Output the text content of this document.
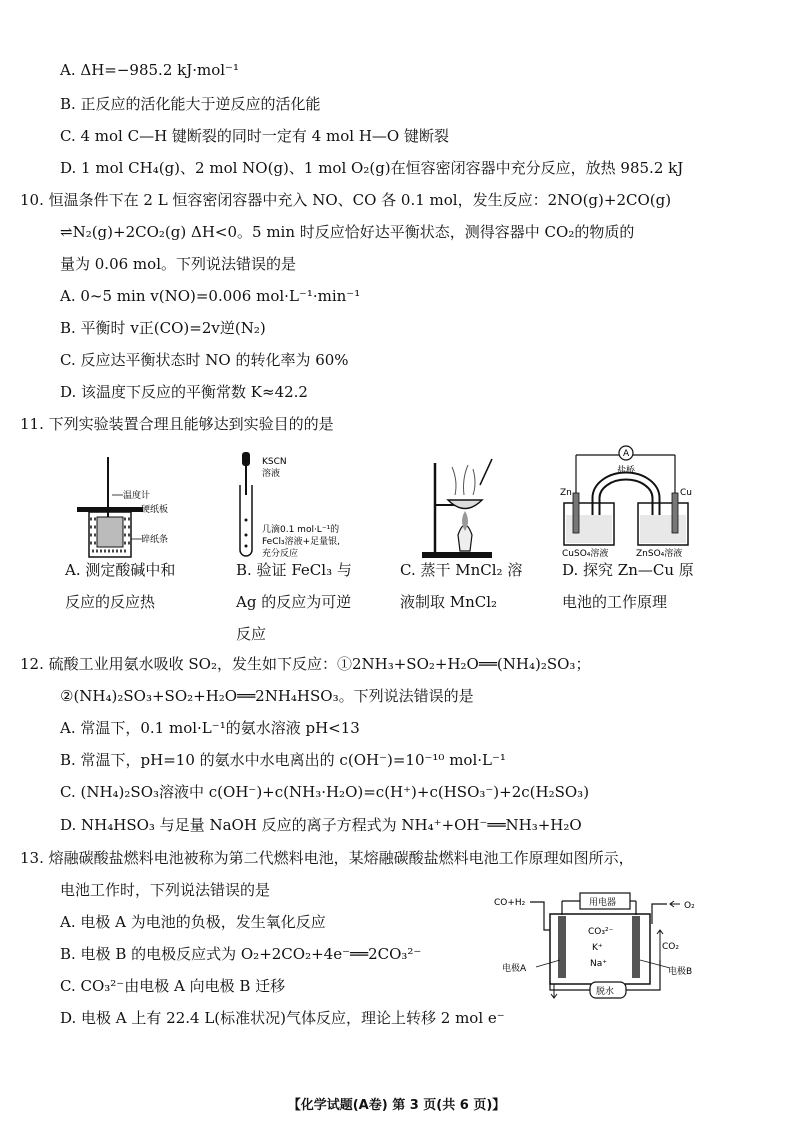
A. ΔH=−985.2 kJ·mol⁻¹
B. 正反应的活化能大于逆反应的活化能
C. 4 mol C—H 键断裂的同时一定有 4 mol H—O 键断裂
D. 1 mol CH₄(g)、2 mol NO(g)、1 mol O₂(g)在恒容密闭容器中充分反应，放热 985.2 kJ
10. 恒温条件下在 2 L 恒容密闭容器中充入 NO、CO 各 0.1 mol，发生反应：2NO(g)+2CO(g)
⇌N₂(g)+2CO₂(g) ΔH<0。5 min 时反应恰好达平衡状态，测得容器中 CO₂的物质的
量为 0.06 mol。下列说法错误的是
A. 0~5 min v(NO)=0.006 mol·L⁻¹·min⁻¹
B. 平衡时 v正(CO)=2v逆(N₂)
C. 反应达平衡状态时 NO 的转化率为 60%
D. 该温度下反应的平衡常数 K≈42.2
11. 下列实验装置合理且能够达到实验目的的是
温度计
硬纸板
碎纸条
KSCN
溶液
几滴0.1 mol·L⁻¹的
FeCl₃溶液+足量银,
充分反应
A
盐桥
Zn	Cu
CuSO₄溶液	ZnSO₄溶液
A. 测定酸碱中和
反应的反应热
B. 验证 FeCl₃ 与
Ag 的反应为可逆
反应
C. 蒸干 MnCl₂ 溶
液制取 MnCl₂
D. 探究 Zn—Cu 原
电池的工作原理
12. 硫酸工业用氨水吸收 SO₂，发生如下反应：①2NH₃+SO₂+H₂O══(NH₄)₂SO₃；
②(NH₄)₂SO₃+SO₂+H₂O══2NH₄HSO₃。下列说法错误的是
A. 常温下，0.1 mol·L⁻¹的氨水溶液 pH<13
B. 常温下，pH=10 的氨水中水电离出的 c(OH⁻)=10⁻¹⁰ mol·L⁻¹
C. (NH₄)₂SO₃溶液中 c(OH⁻)+c(NH₃·H₂O)=c(H⁺)+c(HSO₃⁻)+2c(H₂SO₃)
D. NH₄HSO₃ 与足量 NaOH 反应的离子方程式为 NH₄⁺+OH⁻══NH₃+H₂O
13. 熔融碳酸盐燃料电池被称为第二代燃料电池，某熔融碳酸盐燃料电池工作原理如图所示，
电池工作时，下列说法错误的是
A. 电极 A 为电池的负极，发生氧化反应
B. 电极 B 的电极反应式为 O₂+2CO₂+4e⁻══2CO₃²⁻
C. CO₃²⁻由电极 A 向电极 B 迁移
D. 电极 A 上有 22.4 L(标准状况)气体反应，理论上转移 2 mol e⁻
用电器
CO₃²⁻
K⁺
Na⁺
CO+H₂	O₂
CO₂
脱水
电极A	电极B
【化学试题(A卷) 第 3 页(共 6 页)】
